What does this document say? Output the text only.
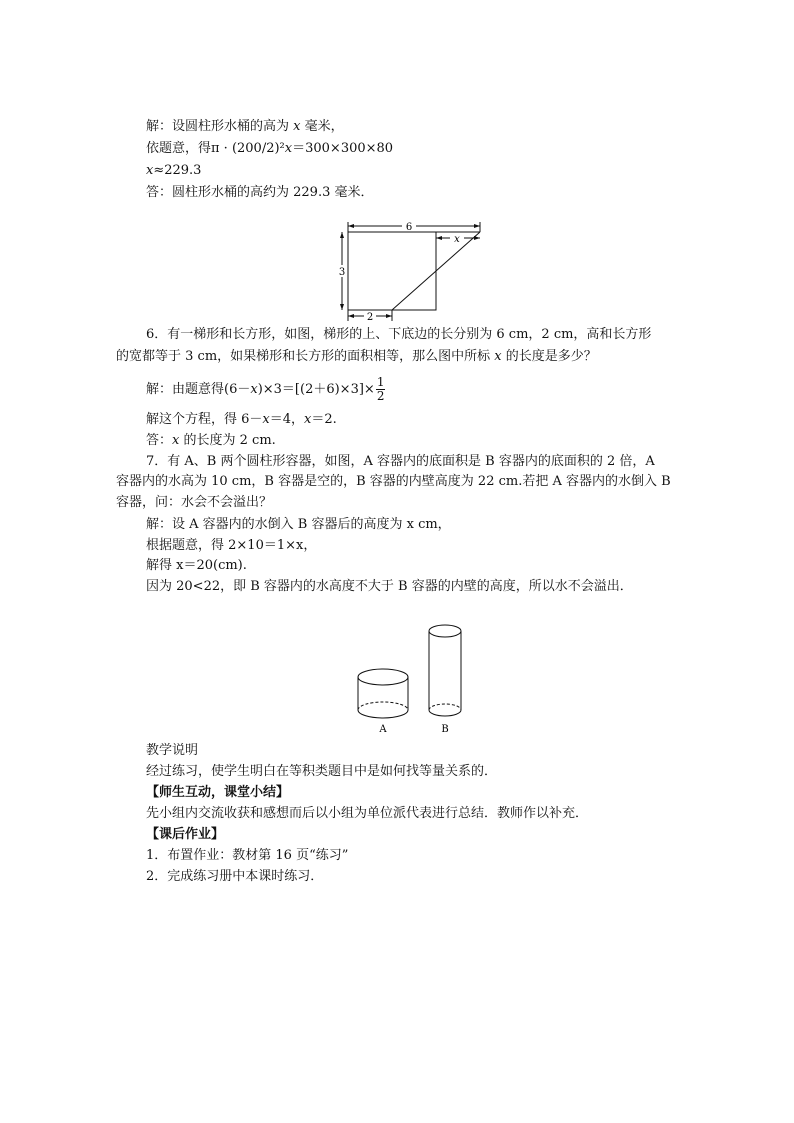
解：设圆柱形水桶的高为 x 毫米，
依题意，得π · (200/2)²x＝300×300×80
x≈229.3
答：圆柱形水桶的高约为 229.3 毫米．
6
x
3
2
6．有一梯形和长方形，如图，梯形的上、下底边的长分别为 6 cm，2 cm，高和长方形
的宽都等于 3 cm，如果梯形和长方形的面积相等，那么图中所标 x 的长度是多少？
解：由题意得$(6-x)\times 3=[(2+6)\times 3]\times \frac{1}{2}$
解这个方程，得 6－x＝4，x＝2.
答：x 的长度为 2 cm.
7．有 A、B 两个圆柱形容器，如图，A 容器内的底面积是 B 容器内的底面积的 2 倍，A
容器内的水高为 10 cm，B 容器是空的，B 容器的内壁高度为 22 cm.若把 A 容器内的水倒入 B
容器，问：水会不会溢出？
解：设 A 容器内的水倒入 B 容器后的高度为 x cm，
根据题意，得 2×10＝1×x，
解得 x＝20(cm).
因为 20<22，即 B 容器内的水高度不大于 B 容器的内壁的高度，所以水不会溢出．
A	B
教学说明
经过练习，使学生明白在等积类题目中是如何找等量关系的．
【师生互动，课堂小结】
先小组内交流收获和感想而后以小组为单位派代表进行总结．教师作以补充．
【课后作业】
1．布置作业：教材第 16 页“练习”
2．完成练习册中本课时练习．
